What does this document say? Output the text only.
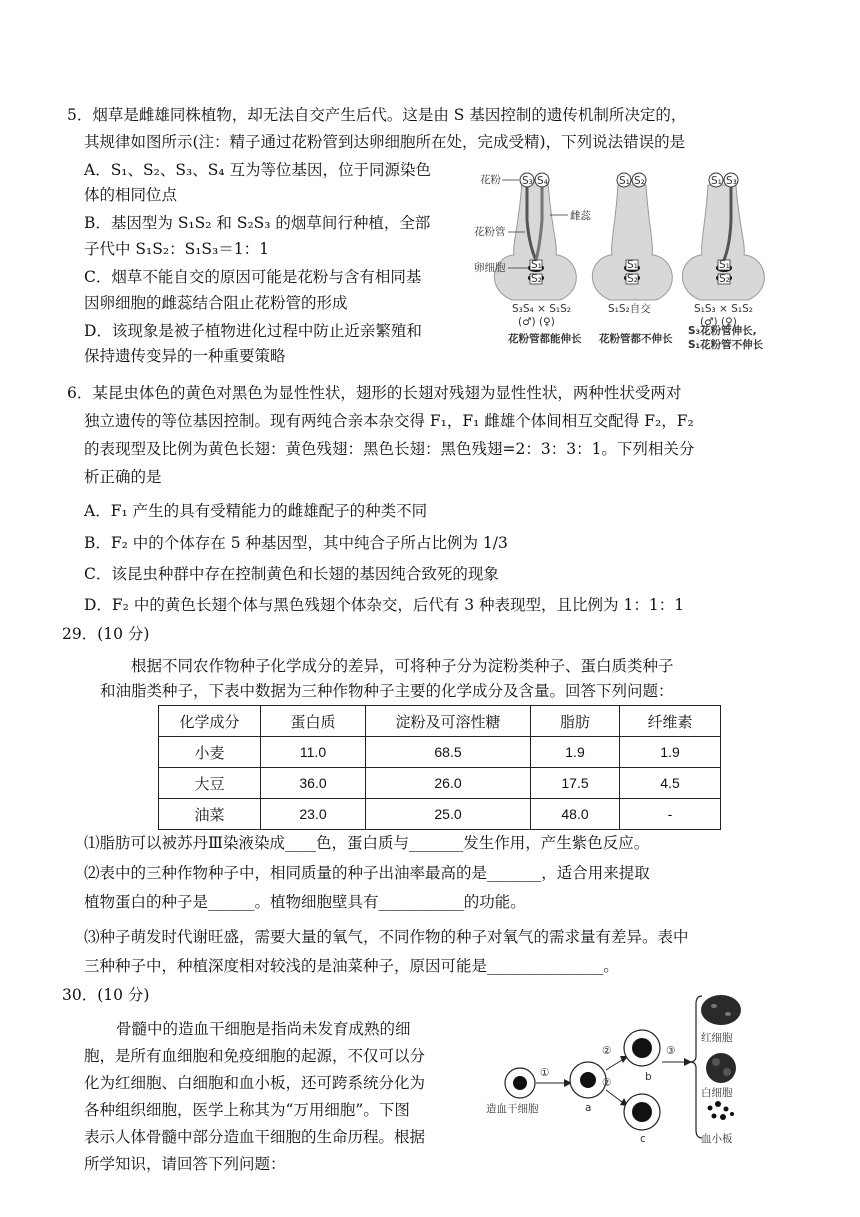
5．烟草是雌雄同株植物，却无法自交产生后代。这是由 S 基因控制的遗传机制所决定的，
其规律如图所示(注：精子通过花粉管到达卵细胞所在处，完成受精)，下列说法错误的是
A．S₁、S₂、S₃、S₄ 互为等位基因，位于同源染色
体的相同位点
B．基因型为 S₁S₂ 和 S₂S₃ 的烟草间行种植，全部
子代中 S₁S₂：S₁S₃＝1：1
C．烟草不能自交的原因可能是花粉与含有相同基
因卵细胞的雌蕊结合阻止花粉管的形成
D．该现象是被子植物进化过程中防止近亲繁殖和
保持遗传变异的一种重要策略
S₃ S₄
S₁
S₂
花粉
花粉管
卵细胞
雌蕊
S₃S₄ × S₁S₂
(♂) (♀)
S₁ S₂
S₁
S₂
S₁S₂自交
S₁ S₃
S₁
S₂
S₁S₃ × S₁S₂
(♂) (♀)
花粉管都能伸长 花粉管都不伸长
S₃花粉管伸长,
S₁花粉管不伸长
6．某昆虫体色的黄色对黑色为显性性状，翅形的长翅对残翅为显性性状，两种性状受两对
独立遗传的等位基因控制。现有两纯合亲本杂交得 F₁，F₁ 雌雄个体间相互交配得 F₂，F₂
的表现型及比例为黄色长翅：黄色残翅：黑色长翅：黑色残翅=2：3：3：1。下列相关分
析正确的是
A．F₁ 产生的具有受精能力的雌雄配子的种类不同
B．F₂ 中的个体存在 5 种基因型，其中纯合子所占比例为 1/3
C．该昆虫种群中存在控制黄色和长翅的基因纯合致死的现象
D．F₂ 中的黄色长翅个体与黑色残翅个体杂交，后代有 3 种表现型，且比例为 1：1：1
29．(10 分)
根据不同农作物种子化学成分的差异，可将种子分为淀粉类种子、蛋白质类种子
和油脂类种子，下表中数据为三种作物种子主要的化学成分及含量。回答下列问题：
化学成分	蛋白质	淀粉及可溶性糖	脂肪	纤维素
小麦	11.0	68.5	1.9	1.9
大豆	36.0	26.0	17.5	4.5
油菜	23.0	25.0	48.0	-
⑴脂肪可以被苏丹Ⅲ染液染成____色，蛋白质与_______发生作用，产生紫色反应。
⑵表中的三种作物种子中，相同质量的种子出油率最高的是_______，适合用来提取
植物蛋白的种子是______。植物细胞壁具有___________的功能。
⑶种子萌发时代谢旺盛，需要大量的氧气，不同作物的种子对氧气的需求量有差异。表中
三种种子中，种植深度相对较浅的是油菜种子，原因可能是_______________。
30．(10 分)
骨髓中的造血干细胞是指尚未发育成熟的细
胞，是所有血细胞和免疫细胞的起源，不仅可以分
化为红细胞、白细胞和血小板，还可跨系统分化为
各种组织细胞，医学上称其为“万用细胞”。下图
表示人体骨髓中部分造血干细胞的生命历程。根据
所学知识，请回答下列问题：
造血干细胞
①
a
②
②	b
c
③
红细胞
白细胞
血小板
